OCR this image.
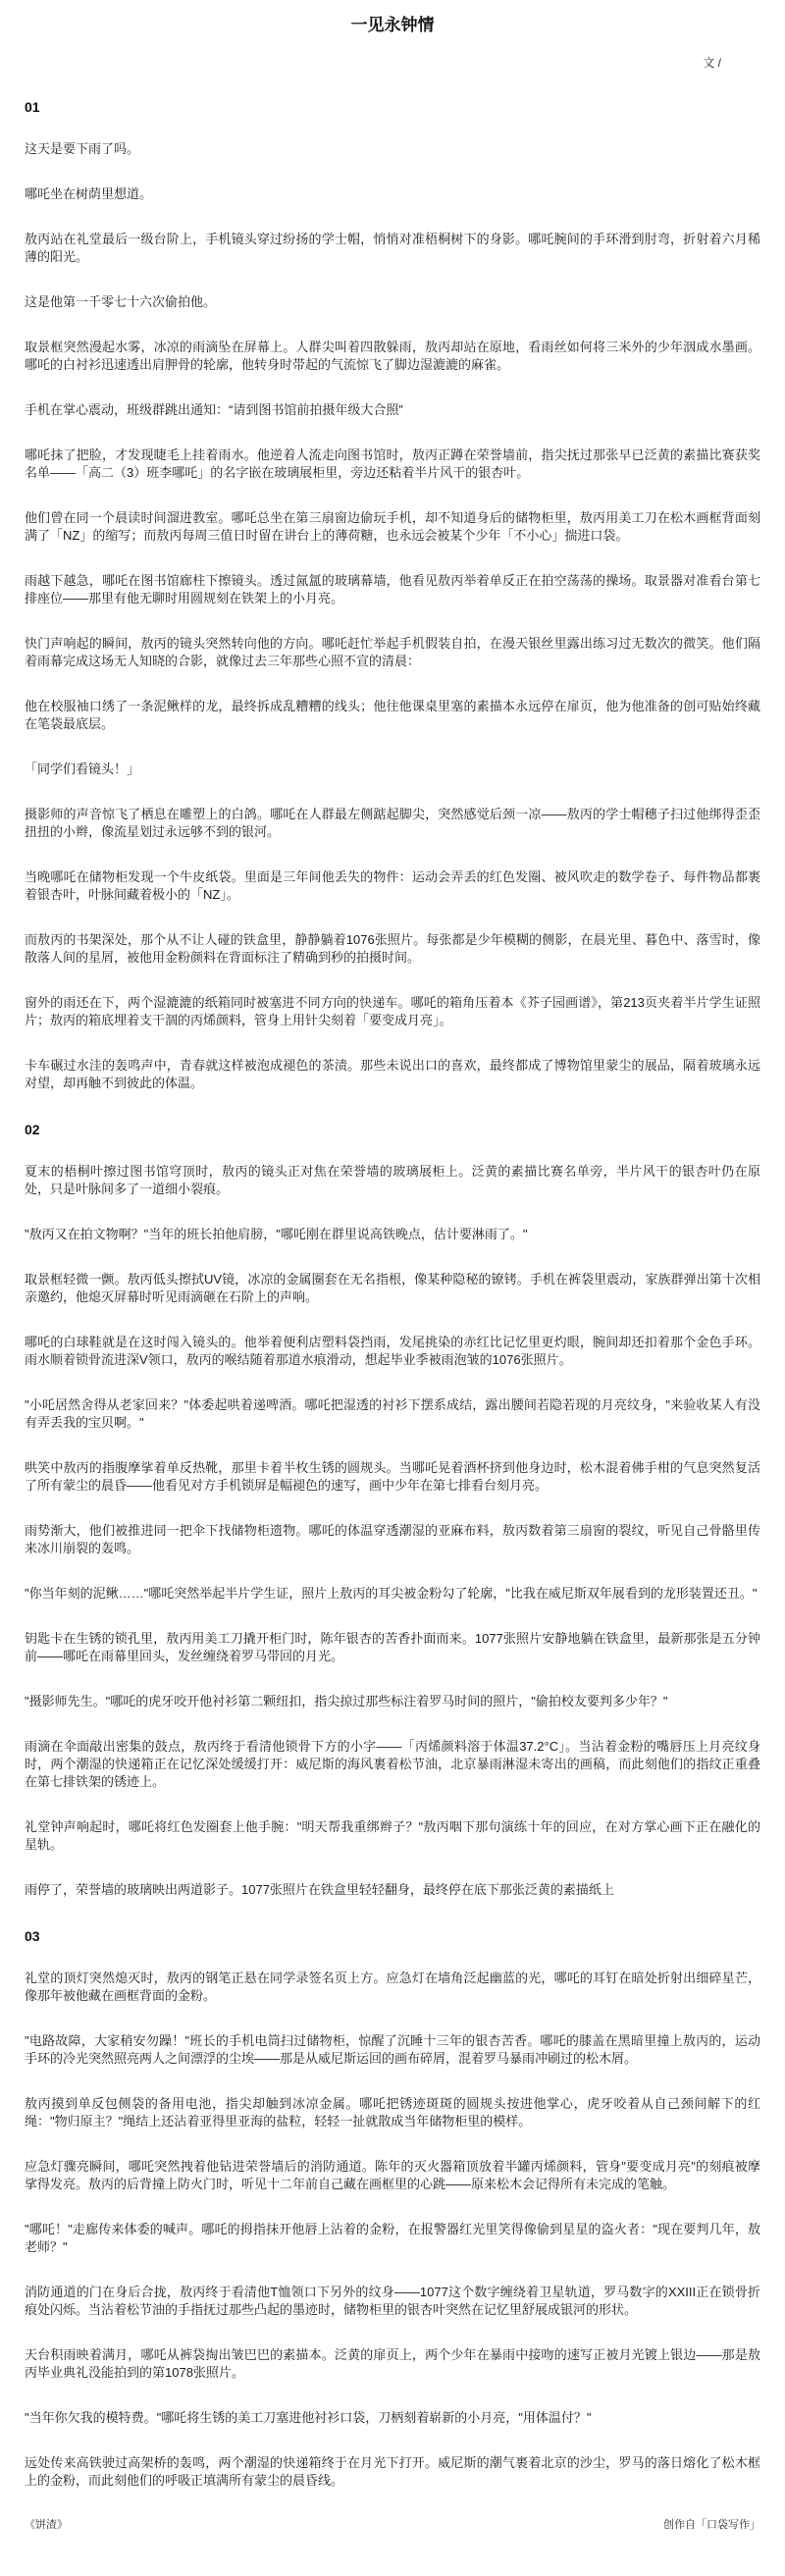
一见永钟情
文 /
01

这天是要下雨了吗。

哪吒坐在树荫里想道。

敖丙站在礼堂最后一级台阶上，手机镜头穿过纷扬的学士帽，悄悄对准梧桐树下的身影。哪吒腕间的手环滑到肘弯，折射着六月稀薄的阳光。

这是他第一千零七十六次偷拍他。

取景框突然漫起水雾，冰凉的雨滴坠在屏幕上。人群尖叫着四散躲雨，敖丙却站在原地，看雨丝如何将三米外的少年洇成水墨画。哪吒的白衬衫迅速透出肩胛骨的轮廓，他转身时带起的气流惊飞了脚边湿漉漉的麻雀。

手机在掌心震动，班级群跳出通知：“请到图书馆前拍摄年级大合照”

哪吒抹了把脸，才发现睫毛上挂着雨水。他逆着人流走向图书馆时，敖丙正蹲在荣誉墙前，指尖抚过那张早已泛黄的素描比赛获奖名单——「高二（3）班李哪吒」的名字嵌在玻璃展柜里，旁边还粘着半片风干的银杏叶。

他们曾在同一个晨读时间溜进教室。哪吒总坐在第三扇窗边偷玩手机，却不知道身后的储物柜里，敖丙用美工刀在松木画框背面刻满了「NZ」的缩写；而敖丙每周三值日时留在讲台上的薄荷糖，也永远会被某个少年「不小心」揣进口袋。

雨越下越急，哪吒在图书馆廊柱下擦镜头。透过氤氲的玻璃幕墙，他看见敖丙举着单反正在拍空荡荡的操场。取景器对准看台第七排座位——那里有他无聊时用圆规刻在铁架上的小月亮。

快门声响起的瞬间，敖丙的镜头突然转向他的方向。哪吒赶忙举起手机假装自拍，在漫天银丝里露出练习过无数次的微笑。他们隔着雨幕完成这场无人知晓的合影，就像过去三年那些心照不宣的清晨：

他在校服袖口绣了一条泥鳅样的龙，最终拆成乱糟糟的线头；他往他课桌里塞的素描本永远停在扉页，他为他准备的创可贴始终藏在笔袋最底层。

「同学们看镜头！」

摄影师的声音惊飞了栖息在雕塑上的白鸽。哪吒在人群最左侧踮起脚尖，突然感觉后颈一凉——敖丙的学士帽穗子扫过他绑得歪歪扭扭的小辫，像流星划过永远够不到的银河。

当晚哪吒在储物柜发现一个牛皮纸袋。里面是三年间他丢失的物件：运动会弄丢的红色发圈、被风吹走的数学卷子、每件物品都裹着银杏叶，叶脉间藏着极小的「NZ」。

而敖丙的书架深处，那个从不让人碰的铁盒里，静静躺着1076张照片。每张都是少年模糊的侧影，在晨光里、暮色中、落雪时，像散落人间的星屑，被他用金粉颜料在背面标注了精确到秒的拍摄时间。

窗外的雨还在下，两个湿漉漉的纸箱同时被塞进不同方向的快递车。哪吒的箱角压着本《芥子园画谱》，第213页夹着半片学生证照片；敖丙的箱底埋着支干涸的丙烯颜料，管身上用针尖刻着「要变成月亮」。

卡车碾过水洼的轰鸣声中，青春就这样被泡成褪色的茶渍。那些未说出口的喜欢，最终都成了博物馆里蒙尘的展品，隔着玻璃永远对望，却再触不到彼此的体温。

02

夏末的梧桐叶擦过图书馆穹顶时，敖丙的镜头正对焦在荣誉墙的玻璃展柜上。泛黄的素描比赛名单旁，半片风干的银杏叶仍在原处，只是叶脉间多了一道细小裂痕。

"敖丙又在拍文物啊？"当年的班长拍他肩膀，"哪吒刚在群里说高铁晚点，估计要淋雨了。"

取景框轻微一颤。敖丙低头擦拭UV镜，冰凉的金属圈套在无名指根，像某种隐秘的镣铐。手机在裤袋里震动，家族群弹出第十次相亲邀约，他熄灭屏幕时听见雨滴砸在石阶上的声响。

哪吒的白球鞋就是在这时闯入镜头的。他举着便利店塑料袋挡雨，发尾挑染的赤红比记忆里更灼眼，腕间却还扣着那个金色手环。雨水顺着锁骨流进深V领口，敖丙的喉结随着那道水痕滑动，想起毕业季被雨泡皱的1076张照片。

"小吒居然舍得从老家回来？"体委起哄着递啤酒。哪吒把湿透的衬衫下摆系成结，露出腰间若隐若现的月亮纹身，"来验收某人有没有弄丢我的宝贝啊。"

哄笑中敖丙的指腹摩挲着单反热靴，那里卡着半枚生锈的圆规头。当哪吒晃着酒杯挤到他身边时，松木混着佛手柑的气息突然复活了所有蒙尘的晨昏——他看见对方手机锁屏是幅褪色的速写，画中少年在第七排看台刻月亮。

雨势渐大，他们被推进同一把伞下找储物柜遗物。哪吒的体温穿透潮湿的亚麻布料，敖丙数着第三扇窗的裂纹，听见自己骨骼里传来冰川崩裂的轰鸣。

"你当年刻的泥鳅……"哪吒突然举起半片学生证，照片上敖丙的耳尖被金粉勾了轮廓，"比我在威尼斯双年展看到的龙形装置还丑。"

钥匙卡在生锈的锁孔里，敖丙用美工刀撬开柜门时，陈年银杏的苦香扑面而来。1077张照片安静地躺在铁盒里，最新那张是五分钟前——哪吒在雨幕里回头，发丝缠绕着罗马带回的月光。

"摄影师先生。"哪吒的虎牙咬开他衬衫第二颗纽扣，指尖掠过那些标注着罗马时间的照片，"偷拍校友要判多少年？"

雨滴在伞面敲出密集的鼓点，敖丙终于看清他锁骨下方的小字——「丙烯颜料溶于体温37.2°C」。当沾着金粉的嘴唇压上月亮纹身时，两个潮湿的快递箱正在记忆深处缓缓打开：威尼斯的海风裹着松节油，北京暴雨淋湿未寄出的画稿，而此刻他们的指纹正重叠在第七排铁架的锈迹上。

礼堂钟声响起时，哪吒将红色发圈套上他手腕："明天帮我重绑辫子？"敖丙咽下那句演练十年的回应，在对方掌心画下正在融化的星轨。

雨停了，荣誉墙的玻璃映出两道影子。1077张照片在铁盒里轻轻翻身，最终停在底下那张泛黄的素描纸上

03

礼堂的顶灯突然熄灭时，敖丙的钢笔正悬在同学录签名页上方。应急灯在墙角泛起幽蓝的光，哪吒的耳钉在暗处折射出细碎星芒，像那年被他藏在画框背面的金粉。

"电路故障，大家稍安勿躁！"班长的手机电筒扫过储物柜，惊醒了沉睡十三年的银杏苦香。哪吒的膝盖在黑暗里撞上敖丙的，运动手环的冷光突然照亮两人之间漂浮的尘埃——那是从威尼斯运回的画布碎屑，混着罗马暴雨冲刷过的松木屑。

敖丙摸到单反包侧袋的备用电池，指尖却触到冰凉金属。哪吒把锈迹斑斑的圆规头按进他掌心，虎牙咬着从自己颈间解下的红绳："物归原主？"绳结上还沾着亚得里亚海的盐粒，轻轻一扯就散成当年储物柜里的模样。

应急灯骤亮瞬间，哪吒突然拽着他钻进荣誉墙后的消防通道。陈年的灭火器箱顶放着半罐丙烯颜料，管身"要变成月亮"的刻痕被摩挲得发亮。敖丙的后背撞上防火门时，听见十二年前自己藏在画框里的心跳——原来松木会记得所有未完成的笔触。

"哪吒！"走廊传来体委的喊声。哪吒的拇指抹开他唇上沾着的金粉，在报警器红光里笑得像偷到星星的盗火者："现在要判几年，敖老师？"

消防通道的门在身后合拢，敖丙终于看清他T恤领口下另外的纹身——1077这个数字缠绕着卫星轨道，罗马数字的XXIII正在锁骨折痕处闪烁。当沾着松节油的手指抚过那些凸起的墨迹时，储物柜里的银杏叶突然在记忆里舒展成银河的形状。

天台积雨映着满月，哪吒从裤袋掏出皱巴巴的素描本。泛黄的扉页上，两个少年在暴雨中接吻的速写正被月光镀上银边——那是敖丙毕业典礼没能拍到的第1078张照片。

"当年你欠我的模特费。"哪吒将生锈的美工刀塞进他衬衫口袋，刀柄刻着崭新的小月亮，"用体温付？"

远处传来高铁驶过高架桥的轰鸣，两个潮湿的快递箱终于在月光下打开。威尼斯的潮气裹着北京的沙尘，罗马的落日熔化了松木框上的金粉，而此刻他们的呼吸正填满所有蒙尘的晨昏线。

《饼渣》	创作自「口袋写作」
